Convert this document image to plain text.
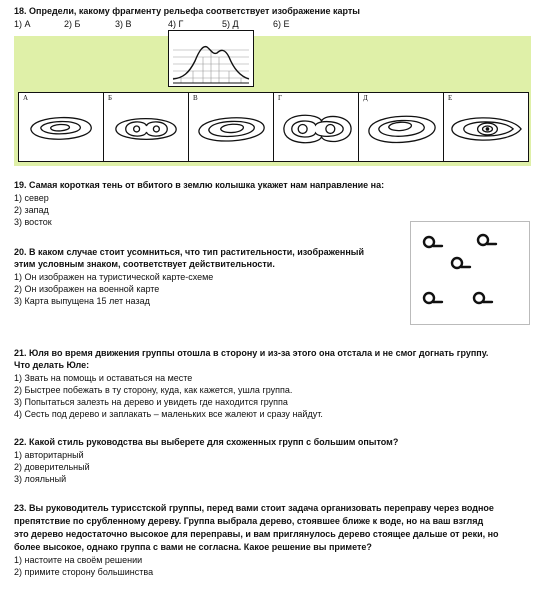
18. Определи, какому фрагменту рельефа соответствует изображение карты
1) А	2) Б	3) В	4) Г	5) Д	6) Е
А	Б	В	Г	Д	Е
19. Самая короткая тень от вбитого в землю колышка укажет нам направление на:
1) север
2) запад
3) восток
20. В каком случае стоит усомниться, что тип растительности, изображенный
этим условным знаком, соответствует действительности.
1) Он изображен на туристической карте-схеме
2) Он изображен на военной карте
3) Карта выпущена 15 лет назад
21. Юля во время движения группы отошла в сторону и из-за этого она отстала и не смог догнать группу.
Что делать Юле:
1) Звать на помощь и оставаться на месте
2) Быстрее побежать в ту сторону, куда, как кажется, ушла группа.
3) Попытаться залезть на дерево и увидеть где находится группа
4) Сесть под дерево и заплакать – маленьких все жалеют и сразу найдут.
22. Какой стиль руководства вы выберете для схоженных групп с большим опытом?
1) авторитарный
2) доверительный
3) лояльный
23. Вы руководитель турисстской группы, перед вами стоит задача организовать переправу через водное
препятствие по срубленному дереву. Группа выбрала дерево, стоявшее ближе к воде, но на ваш взгляд
это дерево недостаточно высокое для переправы, и вам приглянулось дерево стоящее дальше от реки, но
более высокое, однако группа с вами не согласна. Какое решение вы примете?
1) настоите на своём решении
2) примите сторону большинства
